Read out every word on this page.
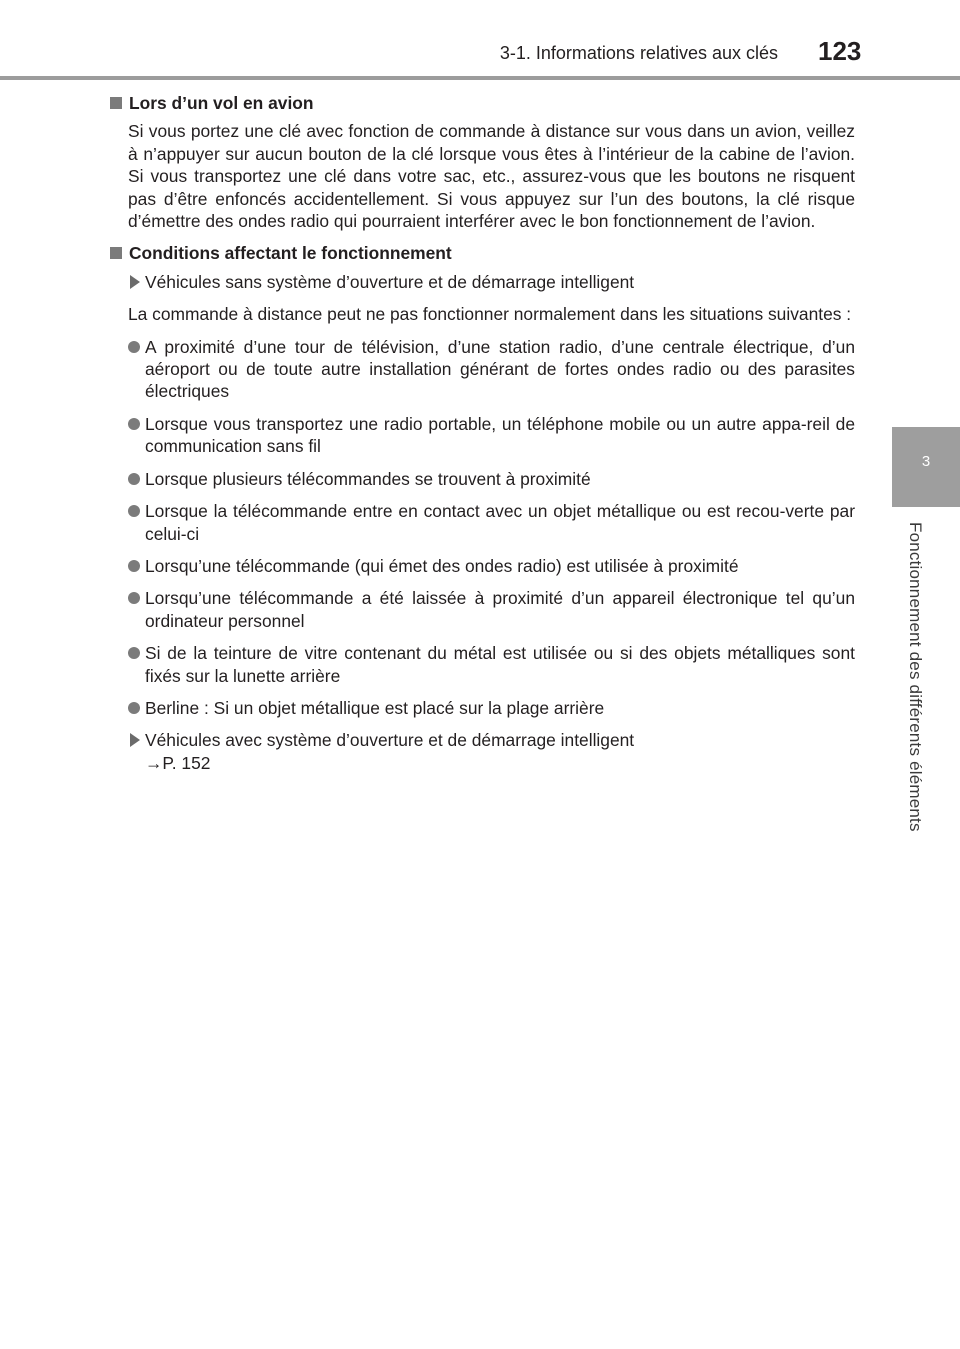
3-1. Informations relatives aux clés 123
3
Fonctionnement des différents éléments
Lors d’un vol en avion
Si vous portez une clé avec fonction de commande à distance sur vous dans un avion, veillez à n’appuyer sur aucun bouton de la clé lorsque vous êtes à l’intérieur de la cabine de l’avion. Si vous transportez une clé dans votre sac, etc., assurez-vous que les boutons ne risquent pas d’être enfoncés accidentellement. Si vous appuyez sur l’un des boutons, la clé risque d’émettre des ondes radio qui pourraient interférer avec le bon fonctionnement de l’avion.
Conditions affectant le fonctionnement
Véhicules sans système d’ouverture et de démarrage intelligent
La commande à distance peut ne pas fonctionner normalement dans les situations suivantes :
A proximité d’une tour de télévision, d’une station radio, d’une centrale électrique, d’un aéroport ou de toute autre installation générant de fortes ondes radio ou des parasites électriques
Lorsque vous transportez une radio portable, un téléphone mobile ou un autre appa-reil de communication sans fil
Lorsque plusieurs télécommandes se trouvent à proximité
Lorsque la télécommande entre en contact avec un objet métallique ou est recou-verte par celui-ci
Lorsqu’une télécommande (qui émet des ondes radio) est utilisée à proximité
Lorsqu’une télécommande a été laissée à proximité d’un appareil électronique tel qu’un ordinateur personnel
Si de la teinture de vitre contenant du métal est utilisée ou si des objets métalliques sont fixés sur la lunette arrière
Berline : Si un objet métallique est placé sur la plage arrière
Véhicules avec système d’ouverture et de démarrage intelligent
→P. 152
